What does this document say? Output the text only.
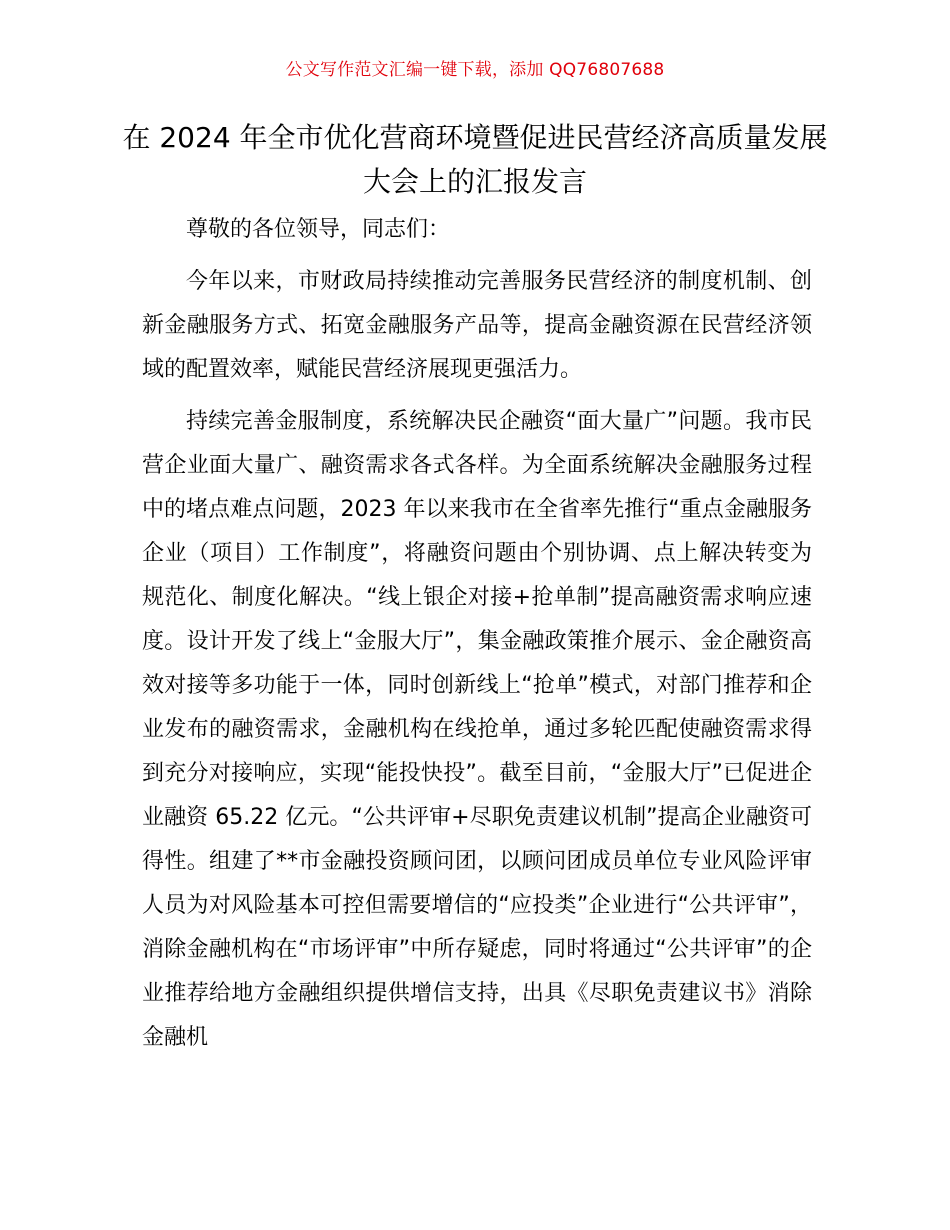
公文写作范文汇编一键下载，添加 QQ76807688
在 2024 年全市优化营商环境暨促进民营经济高质量发展大会上的汇报发言

尊敬的各位领导，同志们：

今年以来，市财政局持续推动完善服务民营经济的制度机制、创新金融服务方式、拓宽金融服务产品等，提高金融资源在民营经济领域的配置效率，赋能民营经济展现更强活力。

持续完善金服制度，系统解决民企融资“面大量广”问题。我市民营企业面大量广、融资需求各式各样。为全面系统解决金融服务过程中的堵点难点问题，2023 年以来我市在全省率先推行“重点金融服务企业（项目）工作制度”，将融资问题由个别协调、点上解决转变为规范化、制度化解决。“线上银企对接+抢单制”提高融资需求响应速度。设计开发了线上“金服大厅”，集金融政策推介展示、金企融资高效对接等多功能于一体，同时创新线上“抢单”模式，对部门推荐和企业发布的融资需求，金融机构在线抢单，通过多轮匹配使融资需求得到充分对接响应，实现“能投快投”。截至目前，“金服大厅”已促进企业融资 65.22 亿元。“公共评审+尽职免责建议机制”提高企业融资可得性。组建了**市金融投资顾问团，以顾问团成员单位专业风险评审人员为对风险基本可控但需要增信的“应投类”企业进行“公共评审”，消除金融机构在“市场评审”中所存疑虑，同时将通过“公共评审”的企业推荐给地方金融组织提供增信支持，出具《尽职免责建议书》消除金融机
